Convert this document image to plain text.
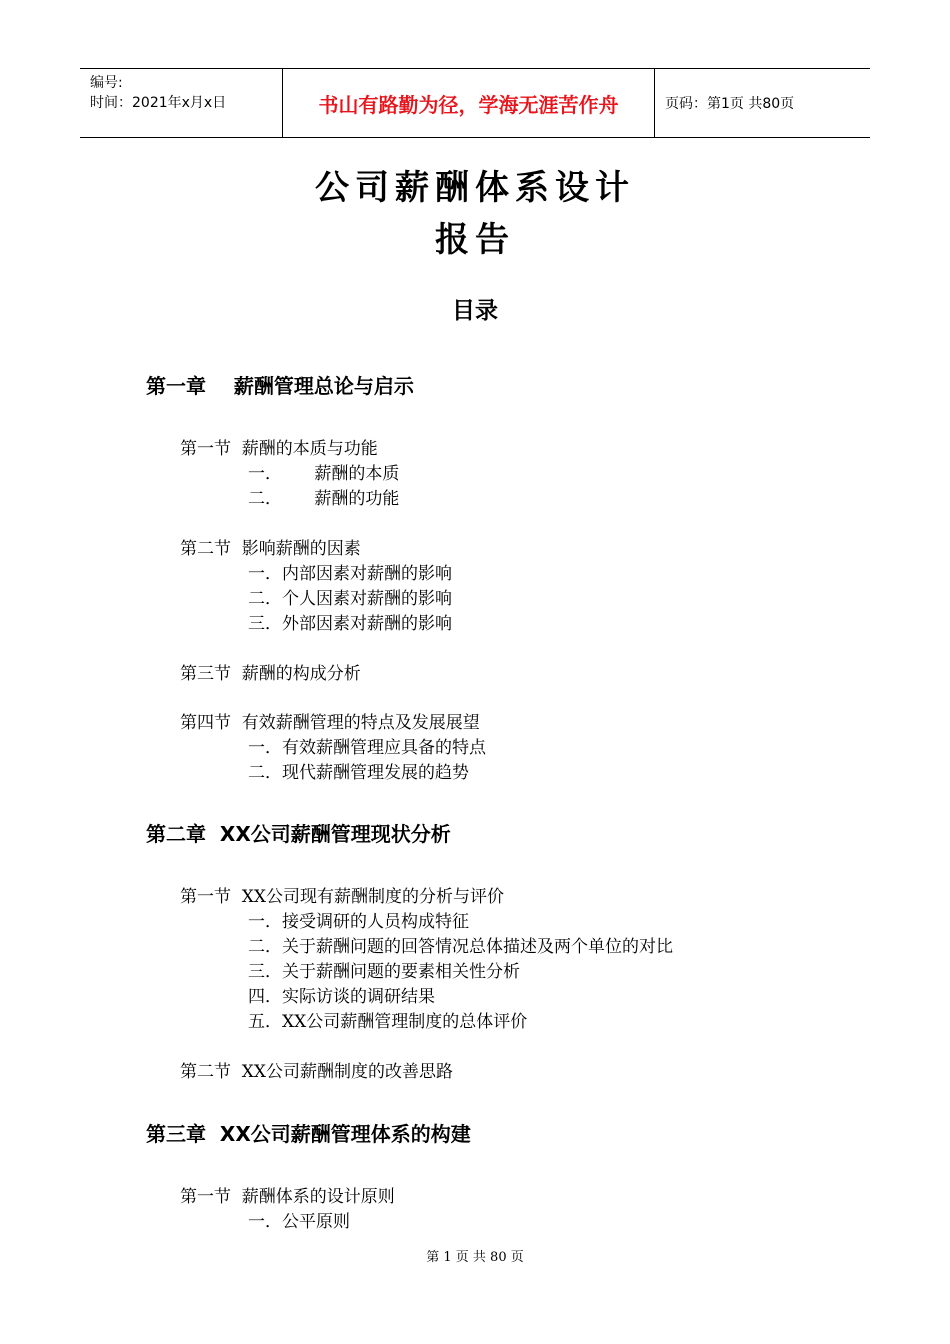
编号:
时间：2021年x月x日	书山有路勤为径，学海无涯苦作舟	页码：第1页 共80页
公司薪酬体系设计
报告
目录
第一章    薪酬管理总论与启示
第一节  薪酬的本质与功能
一．      薪酬的本质
二．      薪酬的功能
第二节  影响薪酬的因素
一．内部因素对薪酬的影响
二．个人因素对薪酬的影响
三．外部因素对薪酬的影响
第三节  薪酬的构成分析
第四节  有效薪酬管理的特点及发展展望
一．有效薪酬管理应具备的特点
二．现代薪酬管理发展的趋势
第二章  XX公司薪酬管理现状分析
第一节  XX公司现有薪酬制度的分析与评价
一．接受调研的人员构成特征
二．关于薪酬问题的回答情况总体描述及两个单位的对比
三．关于薪酬问题的要素相关性分析
四．实际访谈的调研结果
五．XX公司薪酬管理制度的总体评价
第二节  XX公司薪酬制度的改善思路
第三章  XX公司薪酬管理体系的构建
第一节  薪酬体系的设计原则
一．公平原则
第 1 页 共 80 页
